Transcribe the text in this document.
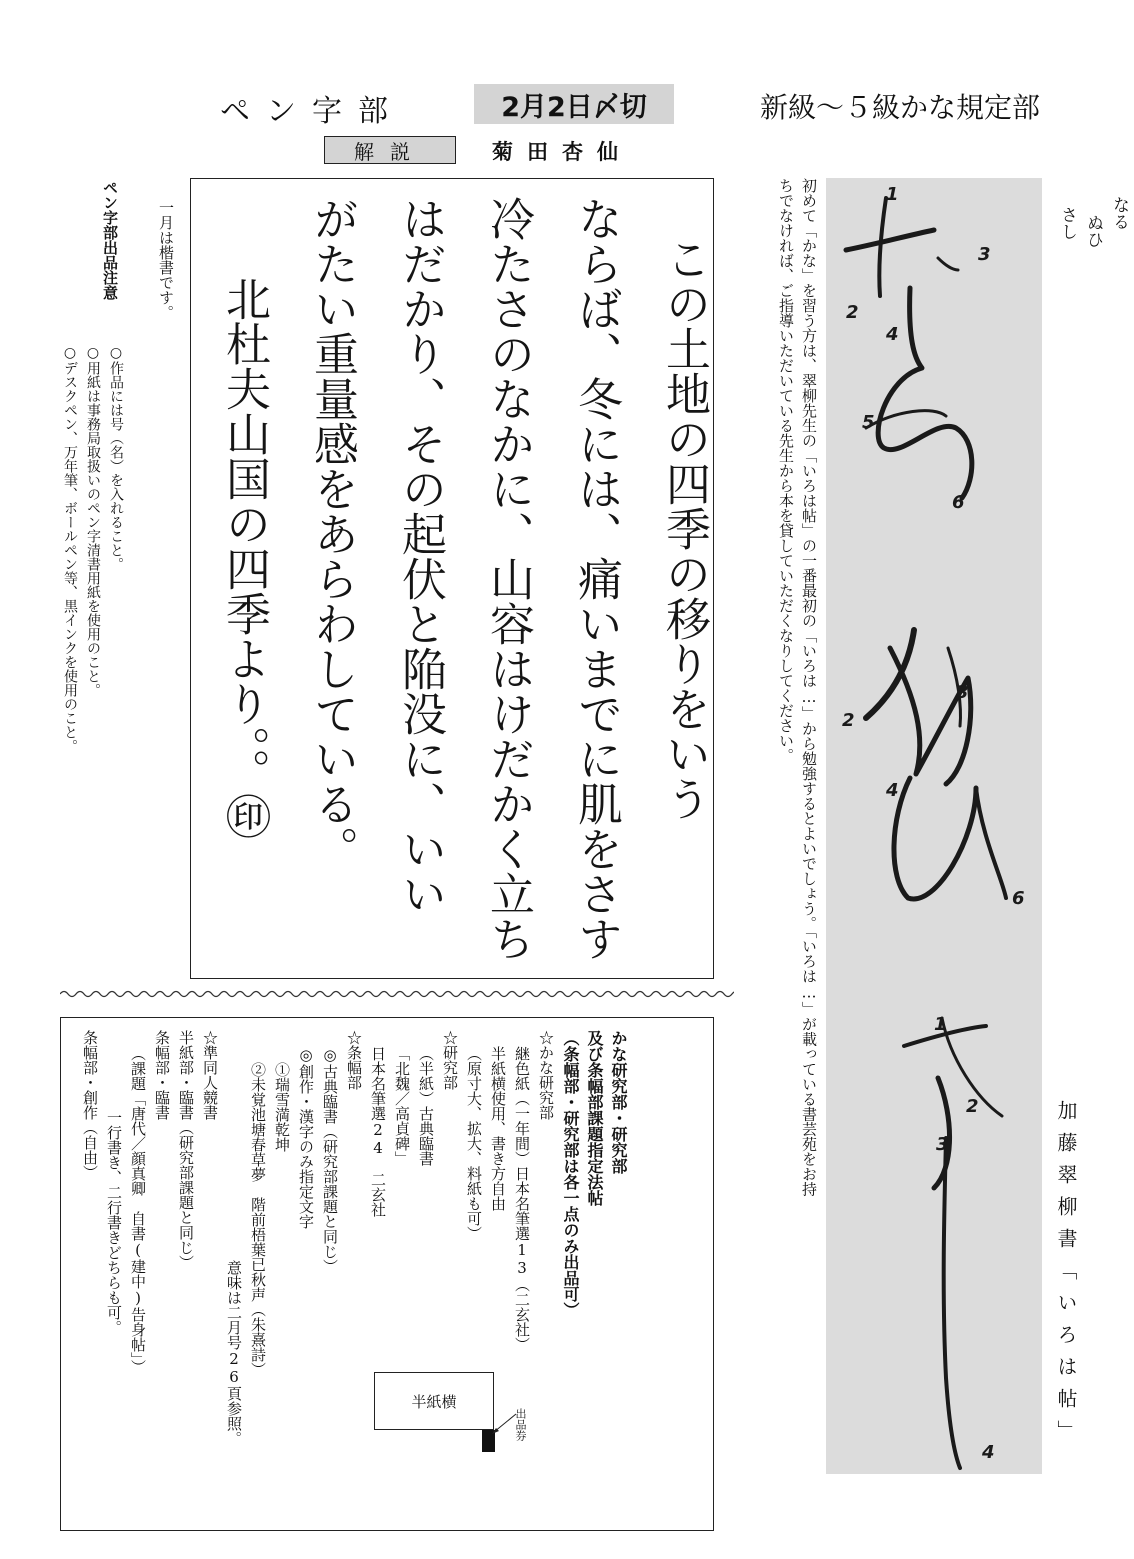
ペン字部	2月2日〆切	新級～５級かな規定部
解説	菊田杏仙
ペン字部出品注意
○作品には号（名）を入れること。
○用紙は事務局取扱いのペン字清書用紙を使用のこと。
○デスクペン、万年筆、ボールペン等、黒インクを使用のこと。
一月は楷書です。	この土地の四季の移りをいう
ならば、冬には、痛いまでに肌をさす
冷たさのなかに、山容はけだかく立ち
はだかり、その起伏と陥没に、いい
がたい重量感をあらわしている。
北杜夫山国の四季より。。㊞
かな研究部・研究部
及び条幅部課題指定法帖
（条幅部・研究部は各一点のみ出品可）
☆かな研究部
継色紙（一年間）日本名筆選13（二玄社）
半紙横使用、書き方自由
（原寸大、拡大、料紙も可）
☆研究部
（半紙）古典臨書
「北魏／高貞碑」
日本名筆選24　二玄社
☆条幅部
◎古典臨書（研究部課題と同じ）
◎創作・漢字のみ指定文字
①瑞雪満乾坤
②未覚池塘春草夢　階前梧葉已秋声（朱熹詩）
意味は二月号26頁参照。
☆準同人競書
半紙部・臨書（研究部課題と同じ）
条幅部・臨書
（課題「唐代／顔真卿　自書(建中)告身帖」）
一行書き、二行書きどちらも可。
条幅部・創作（自由）
半紙横
出品券
初めて「かな」を習う方は、翠柳先生の「いろは帖」の一番最初の「いろは…」から勉強するとよいでしょう。「いろは…」が載っている書芸苑をお持
ちでなければ、ご指導いただいている先生から本を貸していただくなりしてください。	1
2
3
4
5
6
2
3
4
6
1
2
3
4
なる
ぬひ
さし
加藤翠柳書「いろは帖」
